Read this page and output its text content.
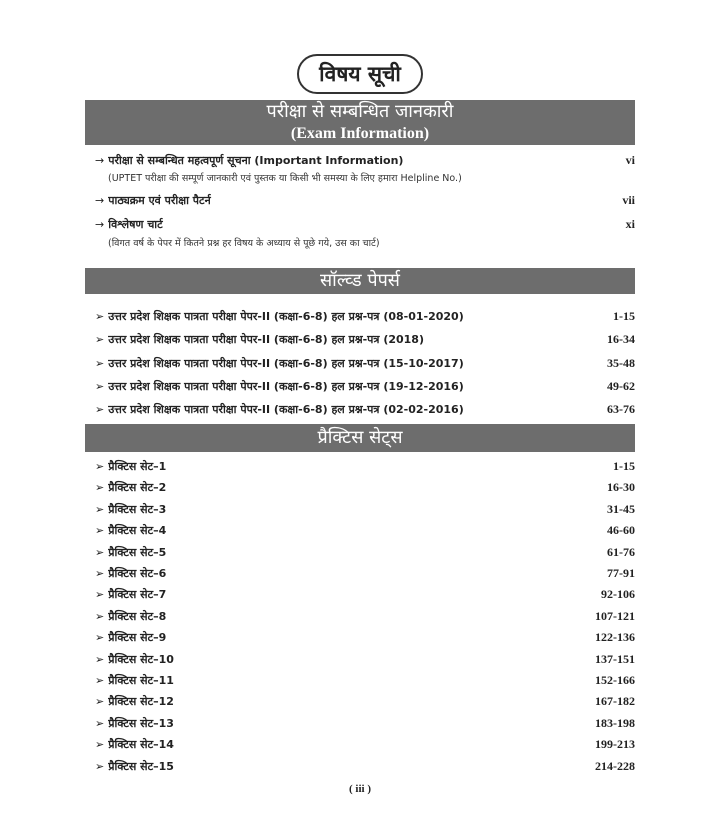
विषय सूची
परीक्षा से सम्बन्धित जानकारी
(Exam Information)
→ परीक्षा से सम्बन्धित महत्वपूर्ण सूचना (Important Information)	vi
(UPTET परीक्षा की सम्पूर्ण जानकारी एवं पुस्तक या किसी भी समस्या के लिए हमारा Helpline No.)
→ पाठ्यक्रम एवं परीक्षा पैटर्न	vii
→ विश्लेषण चार्ट	xi
(विगत वर्ष के पेपर में कितने प्रश्न हर विषय के अध्याय से पूछे गये, उस का चार्ट)
सॉल्व्ड पेपर्स
➢ उत्तर प्रदेश शिक्षक पात्रता परीक्षा पेपर-II (कक्षा-6-8) हल प्रश्न-पत्र (08-01-2020)	1-15
➢ उत्तर प्रदेश शिक्षक पात्रता परीक्षा पेपर-II (कक्षा-6-8) हल प्रश्न-पत्र (2018)	16-34
➢ उत्तर प्रदेश शिक्षक पात्रता परीक्षा पेपर-II (कक्षा-6-8) हल प्रश्न-पत्र (15-10-2017)	35-48
➢ उत्तर प्रदेश शिक्षक पात्रता परीक्षा पेपर-II (कक्षा-6-8) हल प्रश्न-पत्र (19-12-2016)	49-62
➢ उत्तर प्रदेश शिक्षक पात्रता परीक्षा पेपर-II (कक्षा-6-8) हल प्रश्न-पत्र (02-02-2016)	63-76
प्रैक्टिस सेट्स
➢ प्रैक्टिस सेट–1	1-15
➢ प्रैक्टिस सेट–2	16-30
➢ प्रैक्टिस सेट–3	31-45
➢ प्रैक्टिस सेट–4	46-60
➢ प्रैक्टिस सेट–5	61-76
➢ प्रैक्टिस सेट–6	77-91
➢ प्रैक्टिस सेट–7	92-106
➢ प्रैक्टिस सेट–8	107-121
➢ प्रैक्टिस सेट–9	122-136
➢ प्रैक्टिस सेट–10	137-151
➢ प्रैक्टिस सेट–11	152-166
➢ प्रैक्टिस सेट–12	167-182
➢ प्रैक्टिस सेट–13	183-198
➢ प्रैक्टिस सेट–14	199-213
➢ प्रैक्टिस सेट–15	214-228
( iii )
